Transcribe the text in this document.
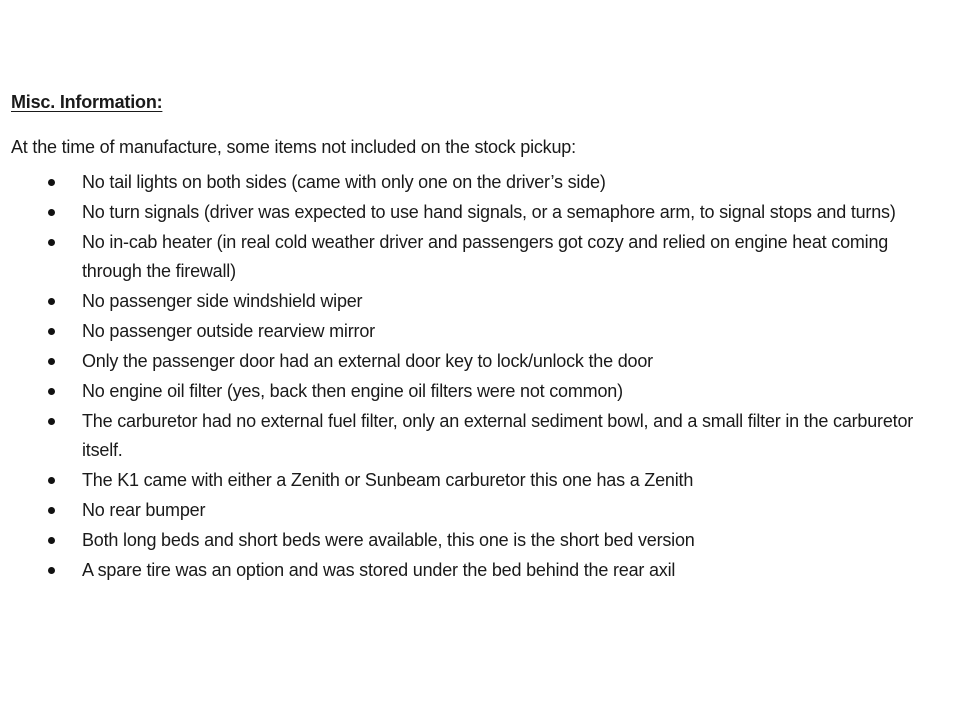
Misc. Information:
At the time of manufacture, some items not included on the stock pickup:
No tail lights on both sides (came with only one on the driver’s side)
No turn signals (driver was expected to use hand signals, or a semaphore arm, to signal stops and turns)
No in-cab heater (in real cold weather driver and passengers got cozy and relied on engine heat coming through the firewall)
No passenger side windshield wiper
No passenger outside rearview mirror
Only the passenger door had an external door key to lock/unlock the door
No engine oil filter (yes, back then engine oil filters were not common)
The carburetor had no external fuel filter, only an external sediment bowl, and a small filter in the carburetor itself.
The K1 came with either a Zenith or Sunbeam carburetor this one has a Zenith
No rear bumper
Both long beds and short beds were available, this one is the short bed version
A spare tire was an option and was stored under the bed behind the rear axil
